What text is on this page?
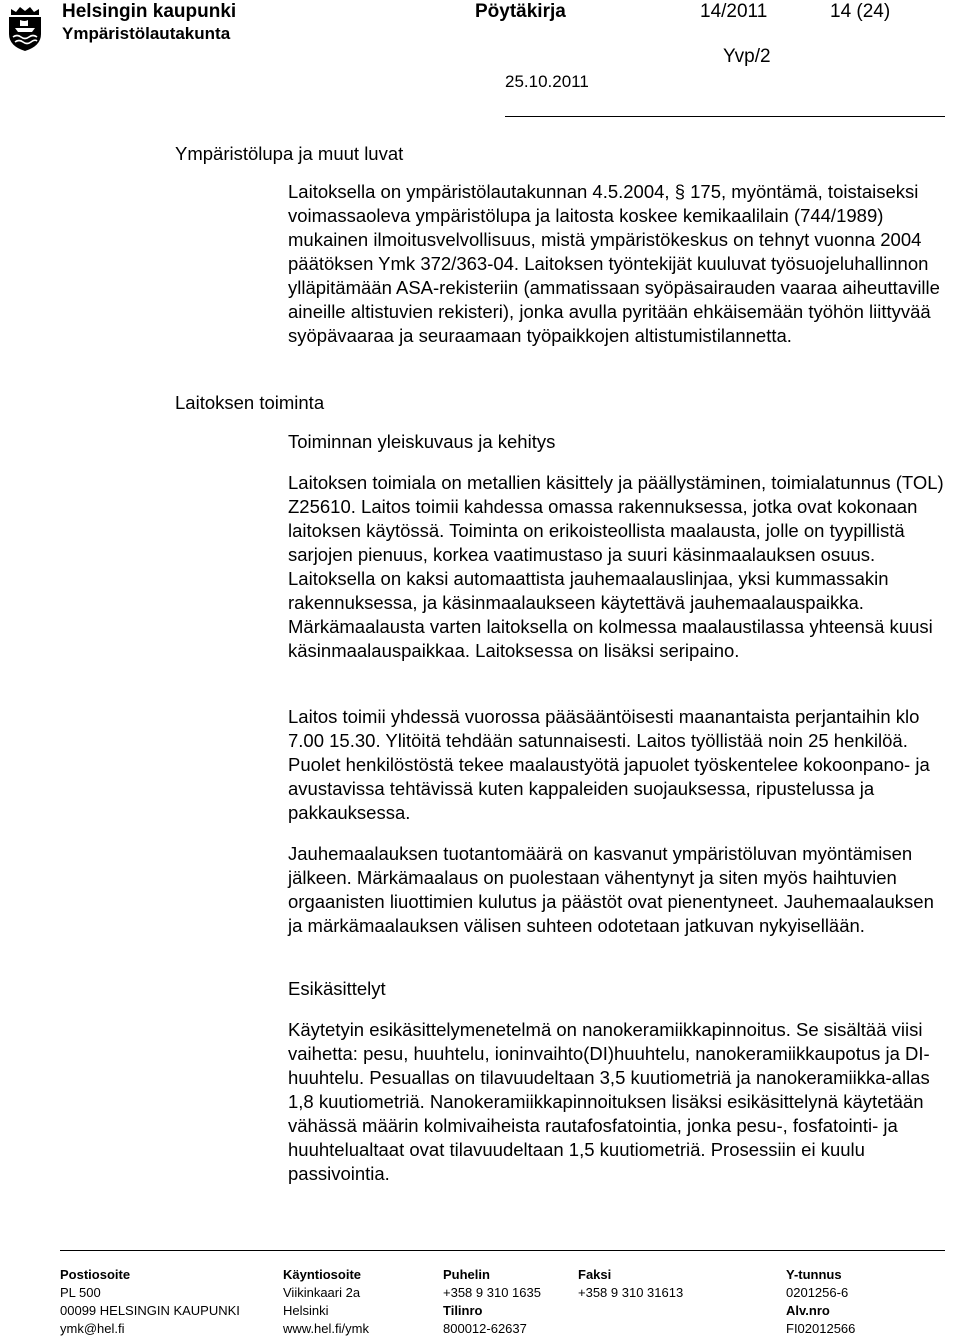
Helsingin kaupunki
Ympäristölautakunta
Pöytäkirja	14/2011	14 (24)
Yvp/2
25.10.2011
Ympäristölupa ja muut luvat
Laitoksen toiminta

Laitoksella on ympäristölautakunnan 4.5.2004, § 175, myöntämä, toistaiseksi voimassaoleva ympäristölupa ja laitosta koskee kemikaalilain (744/1989) mukainen ilmoitusvelvollisuus, mistä ympäristökeskus on tehnyt vuonna 2004 päätöksen Ymk 372/363-04. Laitoksen työntekijät kuuluvat työsuojeluhallinnon ylläpitämään ASA-rekisteriin (ammatissaan syöpäsairauden vaaraa aiheuttaville aineille altistuvien rekisteri), jonka avulla pyritään ehkäisemään työhön liittyvää syöpävaaraa ja seuraamaan työpaikkojen altistumistilannetta.

Toiminnan yleiskuvaus ja kehitys

Laitoksen toimiala on metallien käsittely ja päällystäminen, toimialatunnus (TOL) Z25610. Laitos toimii kahdessa omassa rakennuksessa, jotka ovat kokonaan laitoksen käytössä. Toiminta on erikoisteollista maalausta, jolle on tyypillistä sarjojen pienuus, korkea vaatimustaso ja suuri käsinmaalauksen osuus. Laitoksella on kaksi automaattista jauhemaalauslinjaa, yksi kummassakin rakennuksessa, ja käsinmaalaukseen käytettävä jauhemaalauspaikka. Märkämaalausta varten laitoksella on kolmessa maalaustilassa yhteensä kuusi käsinmaalauspaikkaa. Laitoksessa on lisäksi seripaino.

Laitos toimii yhdessä vuorossa pääsääntöisesti maanantaista perjantaihin klo 7.00 15.30. Ylitöitä tehdään satunnaisesti. Laitos työllistää noin 25 henkilöä. Puolet henkilöstöstä tekee maalaustyötä japuolet työskentelee kokoonpano- ja avustavissa tehtävissä kuten kappaleiden suojauksessa, ripustelussa ja pakkauksessa.

Jauhemaalauksen tuotantomäärä on kasvanut ympäristöluvan myöntämisen jälkeen. Märkämaalaus on puolestaan vähentynyt ja siten myös haihtuvien orgaanisten liuottimien kulutus ja päästöt ovat pienentyneet. Jauhemaalauksen ja märkämaalauksen välisen suhteen odotetaan jatkuvan nykyisellään.

Esikäsittelyt

Käytetyin esikäsittelymenetelmä on nanokeramiikkapinnoitus. Se sisältää viisi vaihetta: pesu, huuhtelu, ioninvaihto(DI)huuhtelu, nanokeramiikkaupotus ja DI-huuhtelu. Pesuallas on tilavuudeltaan 3,5 kuutiometriä ja nanokeramiikka-allas 1,8 kuutiometriä. Nanokeramiikkapinnoituksen lisäksi esikäsittelynä käytetään vähässä määrin kolmivaiheista rautafosfatointia, jonka pesu-, fosfatointi- ja huuhtelualtaat ovat tilavuudeltaan 1,5 kuutiometriä. Prosessiin ei kuulu passivointia.

Postiosoite
PL 500
00099 HELSINGIN KAUPUNKI
ymk@hel.fi
Käyntiosoite
Viikinkaari 2a
Helsinki
www.hel.fi/ymk
Puhelin
+358 9 310 1635
Tilinro
800012-62637
Faksi
+358 9 310 31613
Y-tunnus
0201256-6
Alv.nro
FI02012566
